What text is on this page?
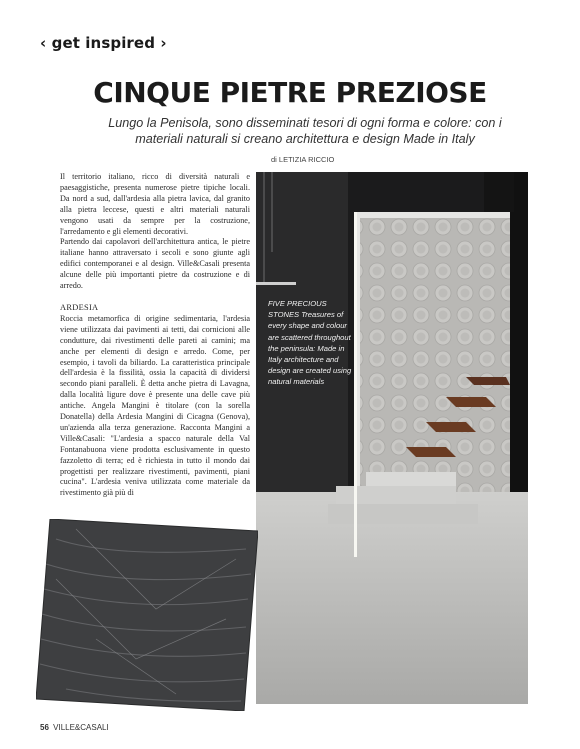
‹ get inspired ›
CINQUE PIETRE PREZIOSE
Lungo la Penisola, sono disseminati tesori di ogni forma e colore: con i materiali naturali si creano architettura e design Made in Italy
di LETIZIA RICCIO

Il territorio italiano, ricco di diversità naturali e paesaggistiche, presenta numerose pietre tipiche locali. Da nord a sud, dall'ardesia alla pietra lavica, dal granito alla pietra leccese, questi e altri materiali naturali vengono usati da sempre per la costruzione, l'arredamento e gli elementi decorativi.

Partendo dai capolavori dell'architettura antica, le pietre italiane hanno attraversato i secoli e sono giunte agli edifici contemporanei e al design. Ville&Casali presenta alcune delle più importanti pietre da costruzione e di arredo.

ARDESIA

Roccia metamorfica di origine sedimentaria, l'ardesia viene utilizzata dai pavimenti ai tetti, dai cornicioni alle condutture, dai rivestimenti delle pareti ai camini; ma anche per elementi di design e arredo. Come, per esempio, i tavoli da biliardo. La caratteristica principale dell'ardesia è la fissilità, ossia la capacità di dividersi secondo piani paralleli. È detta anche pietra di Lavagna, dalla località ligure dove è presente una delle cave più antiche. Angela Mangini è titolare (con la sorella Donatella) della Ardesia Mangini di Cicagna (Genova), un'azienda alla terza generazione. Racconta Mangini a Ville&Casali: "L'ardesia a spacco naturale della Val Fontanabuona viene prodotta esclusivamente in questo fazzoletto di terra; ed è richiesta in tutto il mondo dai progettisti per realizzare rivestimenti, pavimenti, piani cucina". L'ardesia veniva utilizzata come materiale da rivestimento già più di

FIVE PRECIOUS STONES Treasures of every shape and colour are scattered throughout the peninsula: Made in Italy architecture and design are created using natural materials
56 VILLE&CASALI
